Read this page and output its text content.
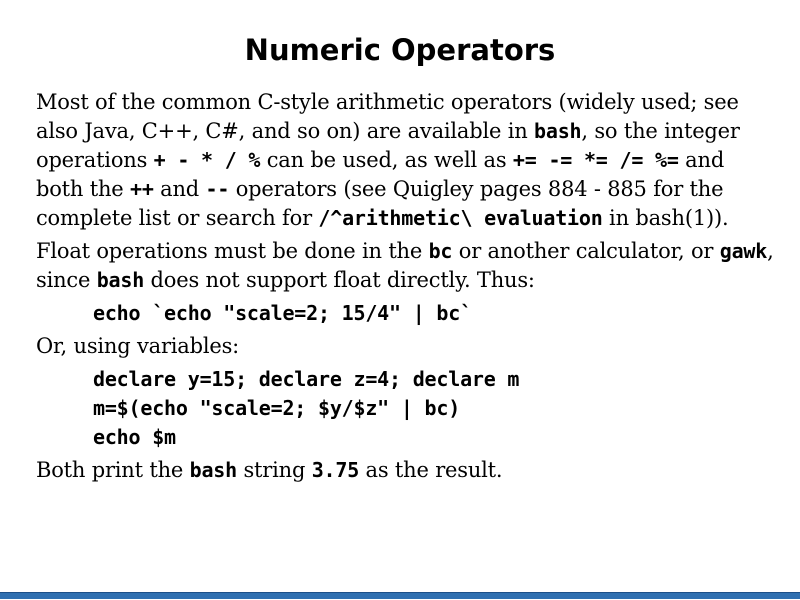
Numeric Operators
Most of the common C-style arithmetic operators (widely used; see also Java, C++, C#, and so on) are available in bash, so the integer operations + - * / % can be used, as well as += -= *= /= %= and both the ++ and -- operators (see Quigley pages 884 - 885 for the complete list or search for /^arithmetic\ evaluation in bash(1)).
Float operations must be done in the bc or another calculator, or gawk, since bash does not support float directly. Thus:
echo `echo "scale=2; 15/4" | bc`
Or, using variables:
declare y=15; declare z=4; declare m
m=$(echo "scale=2; $y/$z" | bc)
echo $m
Both print the bash string 3.75 as the result.
